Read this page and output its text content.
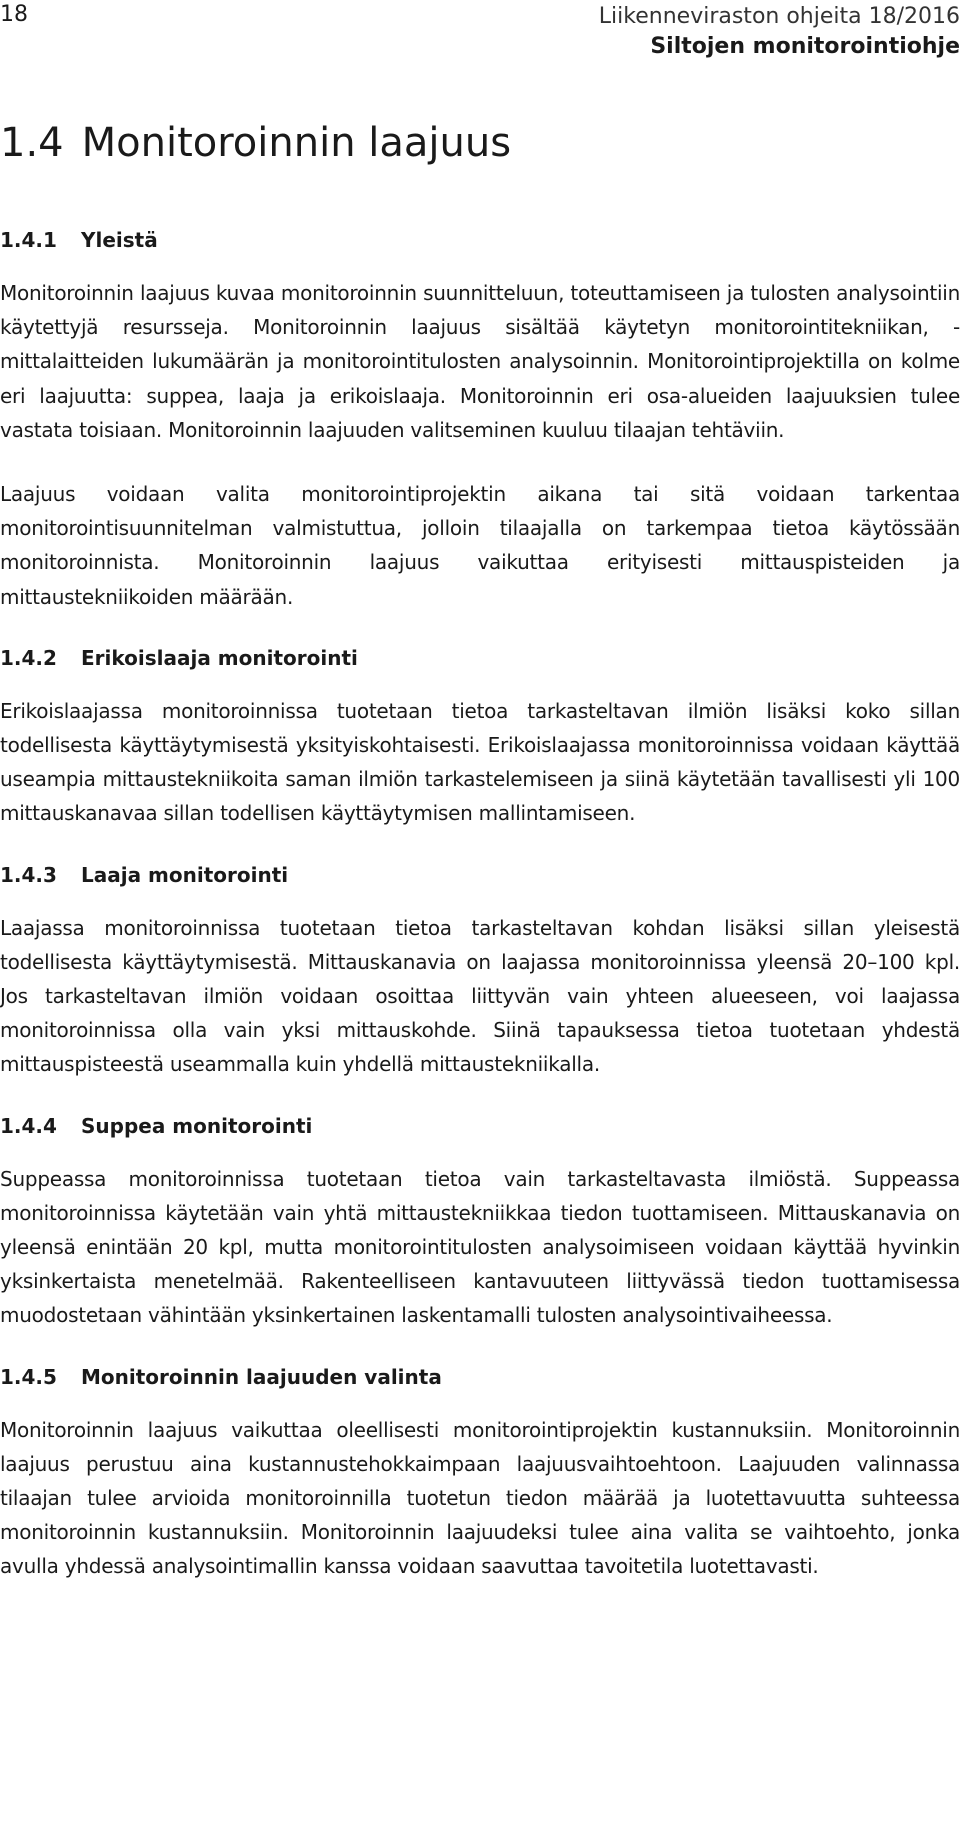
18	Liikenneviraston ohjeita 18/2016
Siltojen monitorointiohje
1.4 Monitoroinnin laajuus
1.4.1 Yleistä

Monitoroinnin laajuus kuvaa monitoroinnin suunnitteluun, toteuttamiseen ja tulosten analysointiin käytettyjä resursseja. Monitoroinnin laajuus sisältää käytetyn monitorointitekniikan, -mittalaitteiden lukumäärän ja monitorointitulosten analysoinnin. Monitorointiprojektilla on kolme eri laajuutta: suppea, laaja ja erikoislaaja. Monitoroinnin eri osa-alueiden laajuuksien tulee vastata toisiaan. Monitoroinnin laajuuden valitseminen kuuluu tilaajan tehtäviin.

Laajuus voidaan valita monitorointiprojektin aikana tai sitä voidaan tarkentaa monitorointisuunnitelman valmistuttua, jolloin tilaajalla on tarkempaa tietoa käytössään monitoroinnista. Monitoroinnin laajuus vaikuttaa erityisesti mittauspisteiden ja mittaustekniikoiden määrään.

1.4.2 Erikoislaaja monitorointi

Erikoislaajassa monitoroinnissa tuotetaan tietoa tarkasteltavan ilmiön lisäksi koko sillan todellisesta käyttäytymisestä yksityiskohtaisesti. Erikoislaajassa monitoroinnissa voidaan käyttää useampia mittaustekniikoita saman ilmiön tarkastelemiseen ja siinä käytetään tavallisesti yli 100 mittauskanavaa sillan todellisen käyttäytymisen mallintamiseen.

1.4.3 Laaja monitorointi

Laajassa monitoroinnissa tuotetaan tietoa tarkasteltavan kohdan lisäksi sillan yleisestä todellisesta käyttäytymisestä. Mittauskanavia on laajassa monitoroinnissa yleensä 20–100 kpl. Jos tarkasteltavan ilmiön voidaan osoittaa liittyvän vain yhteen alueeseen, voi laajassa monitoroinnissa olla vain yksi mittauskohde. Siinä tapauksessa tietoa tuotetaan yhdestä mittauspisteestä useammalla kuin yhdellä mittaustekniikalla.

1.4.4 Suppea monitorointi

Suppeassa monitoroinnissa tuotetaan tietoa vain tarkasteltavasta ilmiöstä. Suppeassa monitoroinnissa käytetään vain yhtä mittaustekniikkaa tiedon tuottamiseen. Mittauskanavia on yleensä enintään 20 kpl, mutta monitorointitulosten analysoimiseen voidaan käyttää hyvinkin yksinkertaista menetelmää. Rakenteelliseen kantavuuteen liittyvässä tiedon tuottamisessa muodostetaan vähintään yksinkertainen laskentamalli tulosten analysointivaiheessa.

1.4.5 Monitoroinnin laajuuden valinta

Monitoroinnin laajuus vaikuttaa oleellisesti monitorointiprojektin kustannuksiin. Monitoroinnin laajuus perustuu aina kustannustehokkaimpaan laajuusvaihtoehtoon. Laajuuden valinnassa tilaajan tulee arvioida monitoroinnilla tuotetun tiedon määrää ja luotettavuutta suhteessa monitoroinnin kustannuksiin. Monitoroinnin laajuudeksi tulee aina valita se vaihtoehto, jonka avulla yhdessä analysointimallin kanssa voidaan saavuttaa tavoitetila luotettavasti.
